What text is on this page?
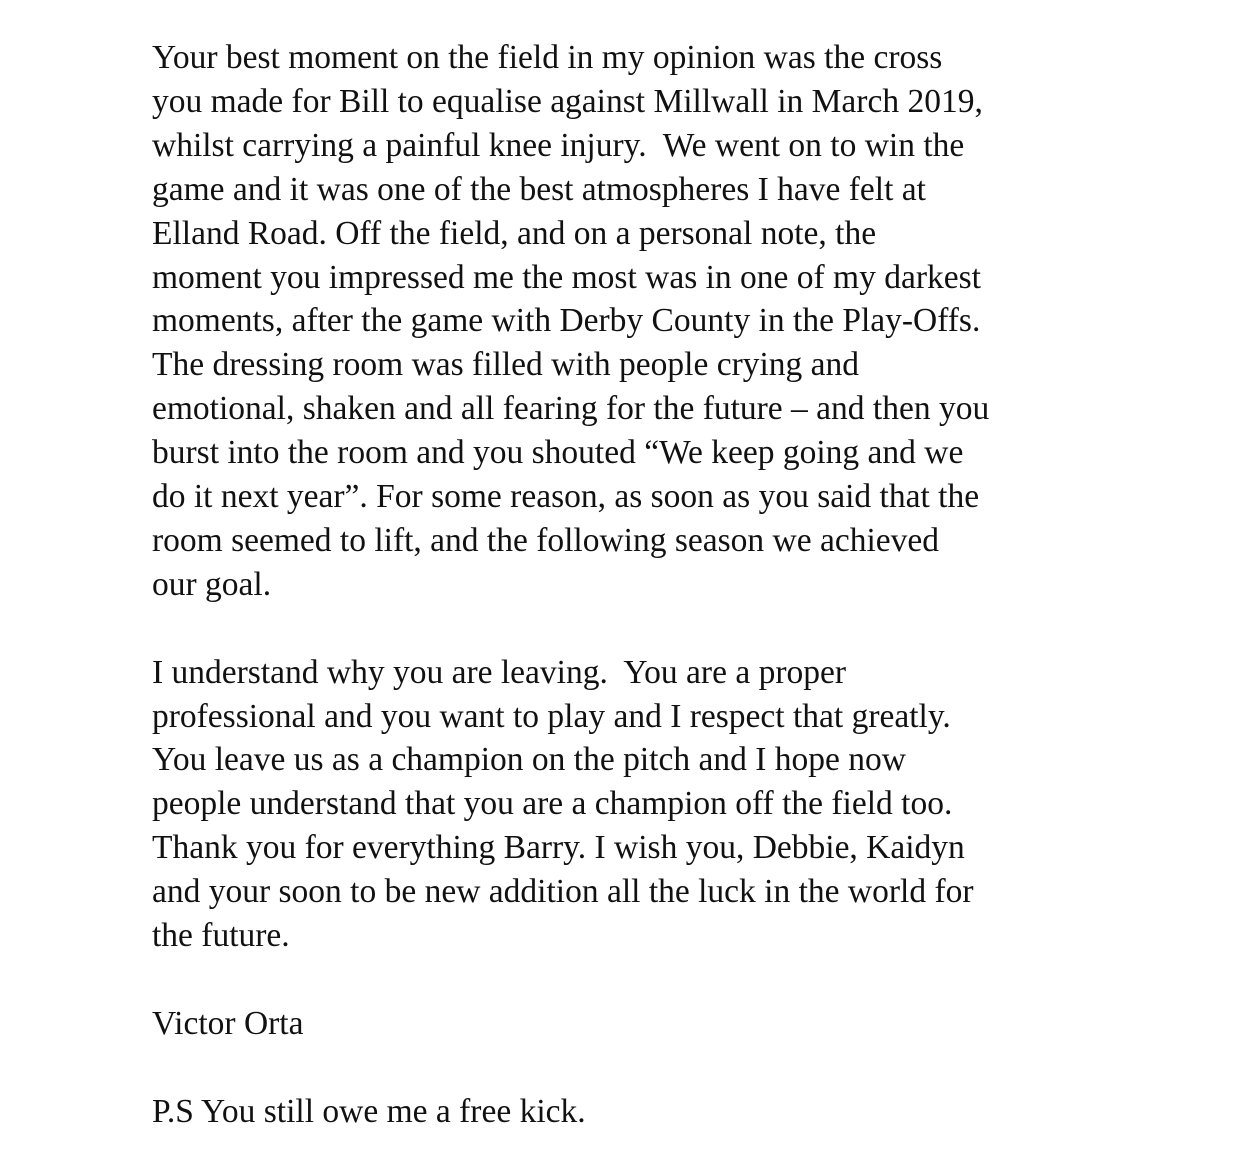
Your best moment on the field in my opinion was the cross
you made for Bill to equalise against Millwall in March 2019,
whilst carrying a painful knee injury.  We went on to win the
game and it was one of the best atmospheres I have felt at
Elland Road. Off the field, and on a personal note, the
moment you impressed me the most was in one of my darkest
moments, after the game with Derby County in the Play-Offs.
The dressing room was filled with people crying and
emotional, shaken and all fearing for the future – and then you
burst into the room and you shouted “We keep going and we
do it next year”. For some reason, as soon as you said that the
room seemed to lift, and the following season we achieved
our goal.

I understand why you are leaving.  You are a proper
professional and you want to play and I respect that greatly.
You leave us as a champion on the pitch and I hope now
people understand that you are a champion off the field too.
Thank you for everything Barry. I wish you, Debbie, Kaidyn
and your soon to be new addition all the luck in the world for
the future.

Victor Orta

P.S You still owe me a free kick.
